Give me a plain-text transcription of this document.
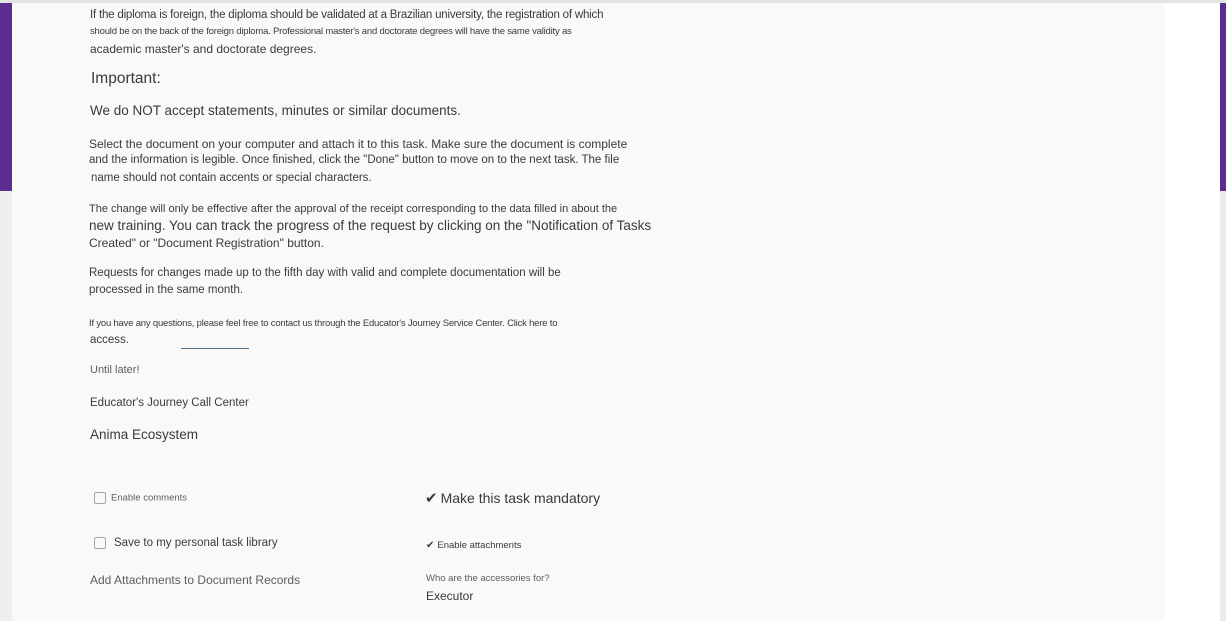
If the diploma is foreign, the diploma should be validated at a Brazilian university, the registration of which
should be on the back of the foreign diploma. Professional master's and doctorate degrees will have the same validity as
academic master's and doctorate degrees.
Important:
We do NOT accept statements, minutes or similar documents.
Select the document on your computer and attach it to this task. Make sure the document is complete
and the information is legible. Once finished, click the "Done" button to move on to the next task. The file
name should not contain accents or special characters.
The change will only be effective after the approval of the receipt corresponding to the data filled in about the
new training. You can track the progress of the request by clicking on the "Notification of Tasks
Created" or "Document Registration" button.
Requests for changes made up to the fifth day with valid and complete documentation will be
processed in the same month.
If you have any questions, please feel free to contact us through the Educator's Journey Service Center. Click here to
access.
Until later!
Educator's Journey Call Center
Anima Ecosystem
Enable comments
Save to my personal task library
Add Attachments to Document Records
✔ Make this task mandatory
✔ Enable attachments
Who are the accessories for?
Executor
